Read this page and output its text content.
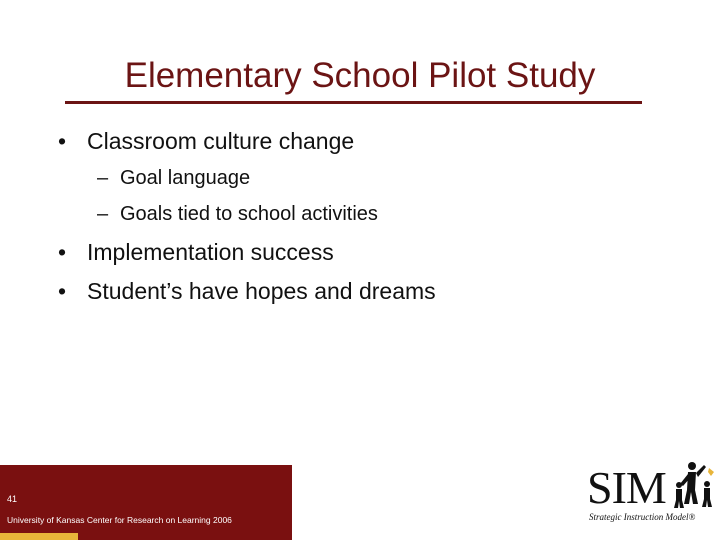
Elementary School Pilot Study
• Classroom culture change
– Goal language
– Goals tied to school activities
• Implementation success
• Student’s have hopes and dreams
41
University of Kansas Center for Research on Learning 2006
SIM
Strategic Instruction Model®
